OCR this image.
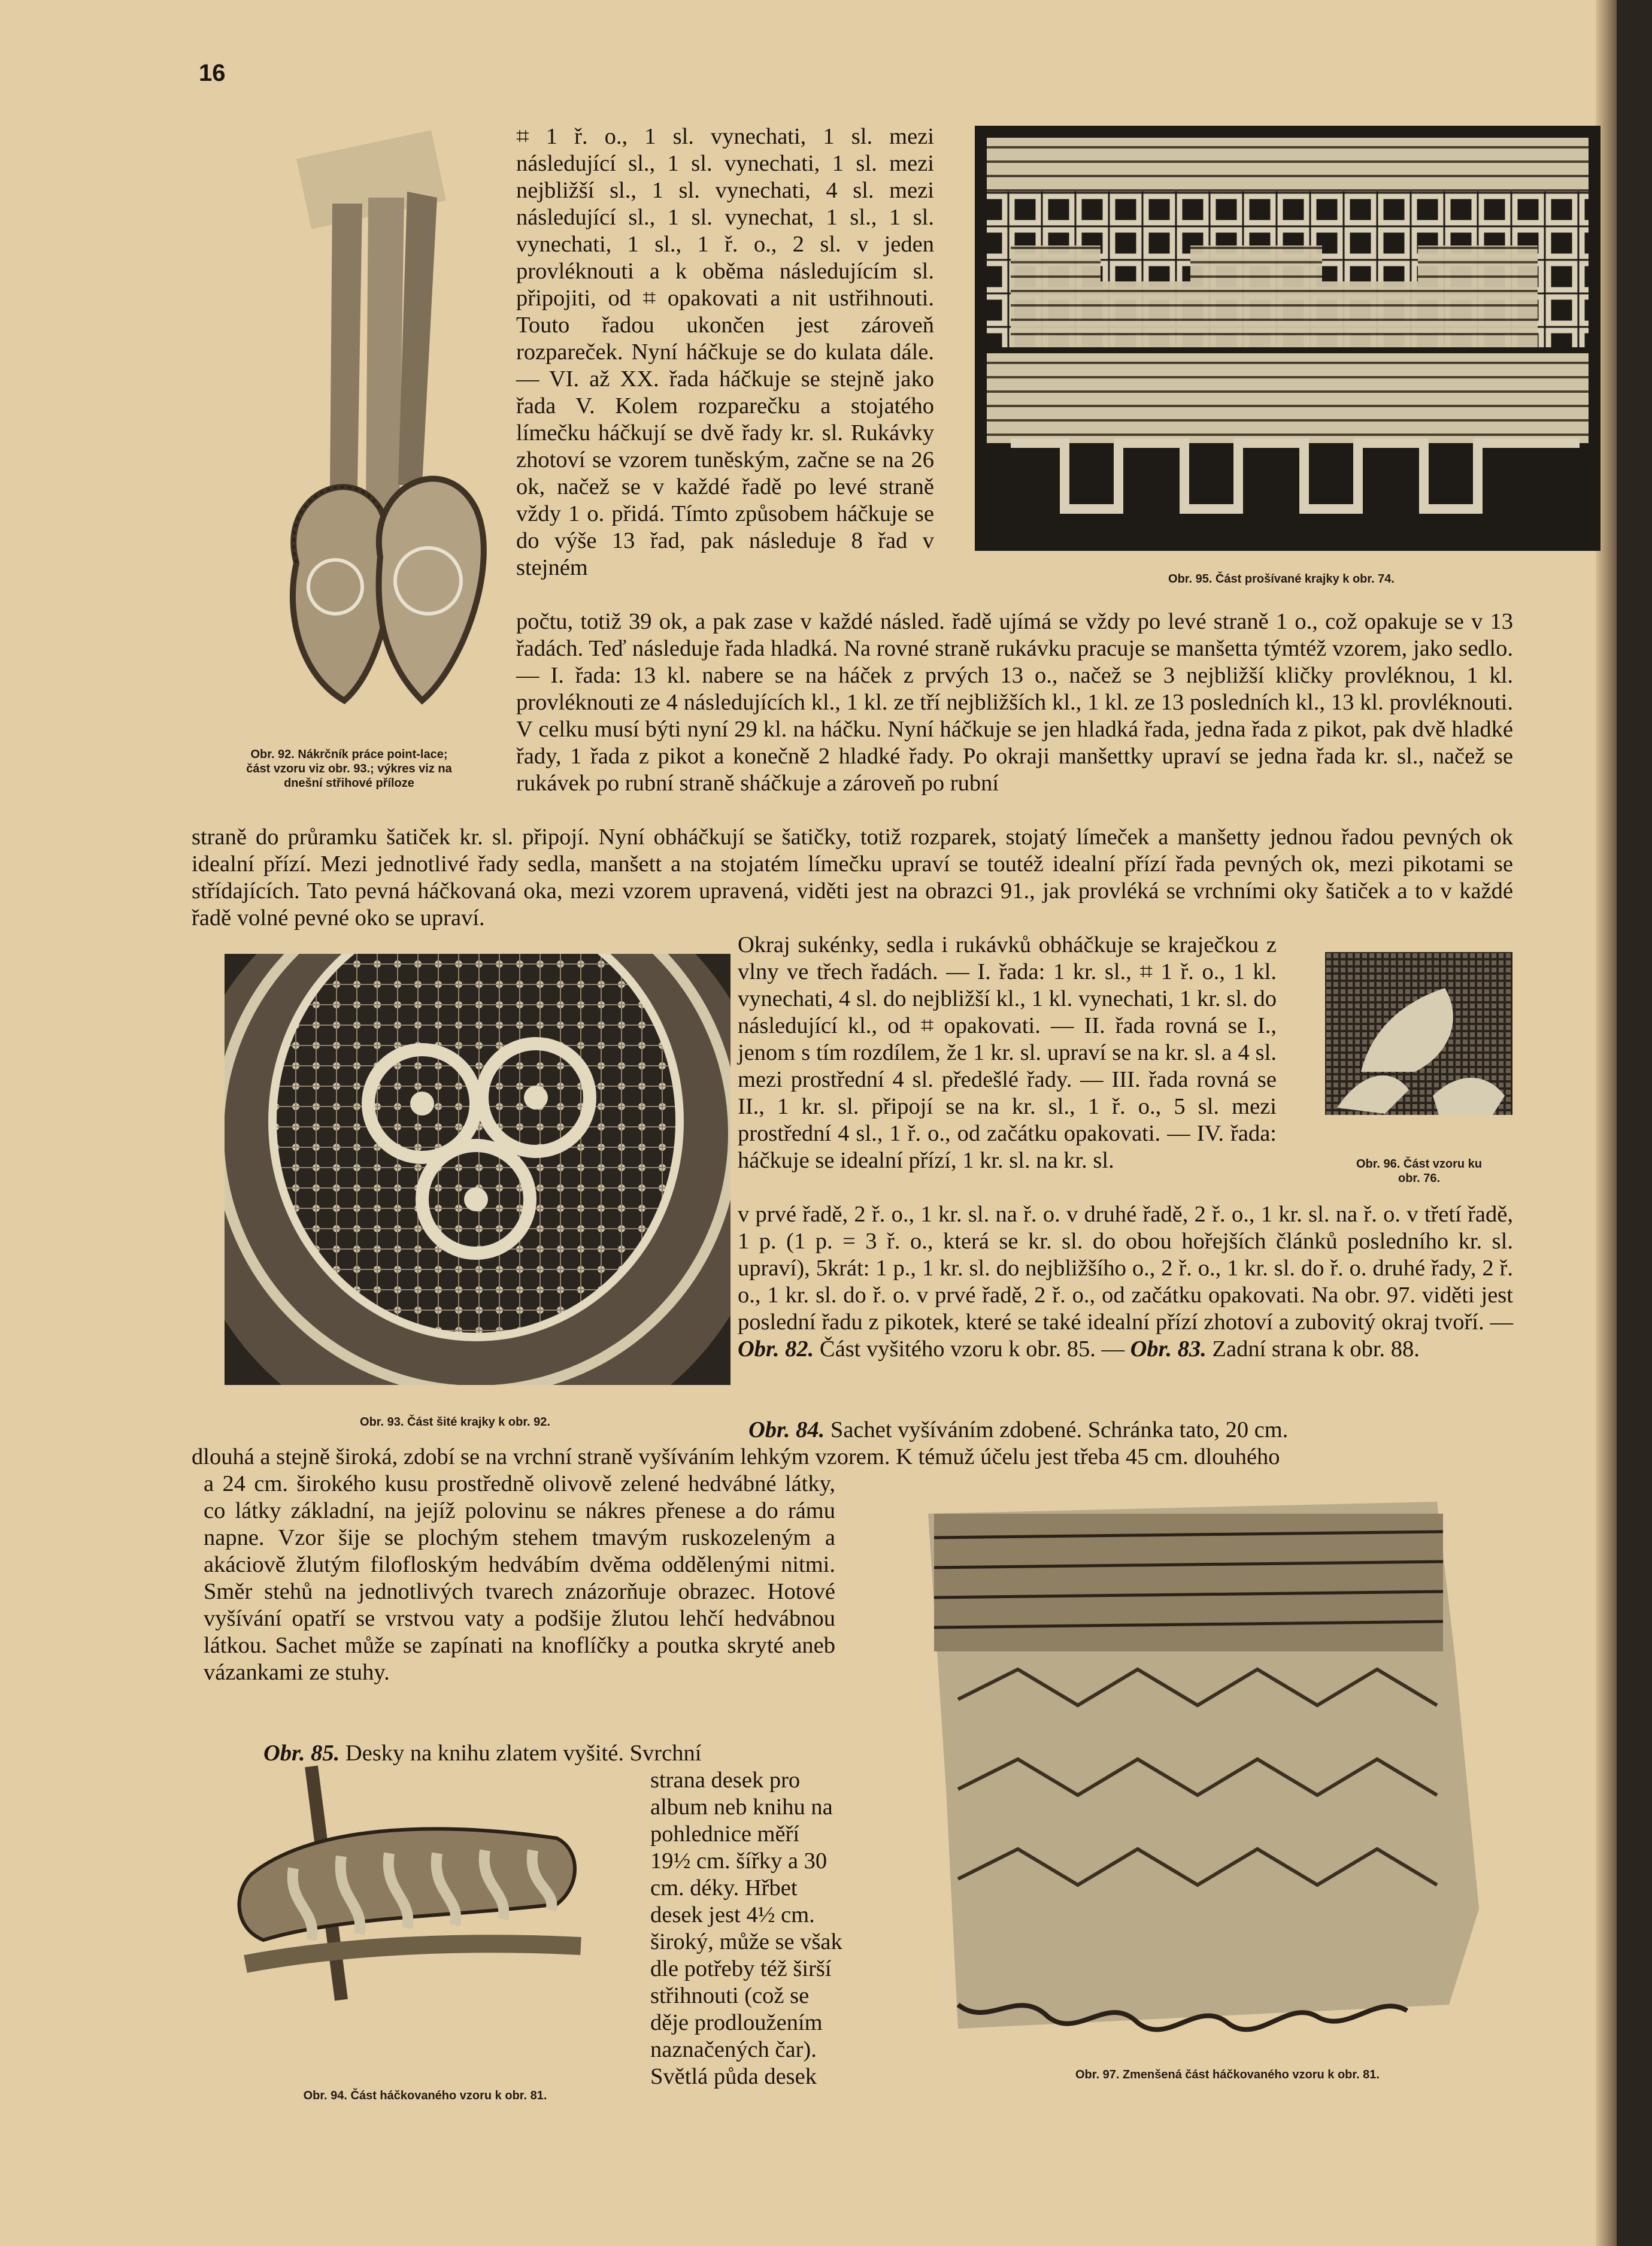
16
Obr. 92. Nákrčník práce point-lace;
část vzoru viz obr. 93.; výkres viz na
dnešní střihové příloze
Obr. 95. Část prošívané krajky k obr. 74.
Obr. 93. Část šité krajky k obr. 92.
Obr. 96. Část vzoru ku
obr. 76.
Obr. 97. Zmenšená část háčkovaného vzoru k obr. 81.
Obr. 94. Část háčkovaného vzoru k obr. 81.

⌗ 1 ř. o., 1 sl. vynechati, 1 sl. mezi následující sl., 1 sl. vynechati, 1 sl. mezi nejbližší sl., 1 sl. vynechati, 4 sl. mezi následující sl., 1 sl. vynechat, 1 sl., 1 sl. vynechati, 1 sl., 1 ř. o., 2 sl. v jeden provléknouti a k oběma následujícím sl. připojiti, od ⌗ opakovati a nit ustřihnouti. Touto řadou ukončen jest zároveň rozpareček. Nyní háčkuje se do kulata dále. — VI. až XX. řada háčkuje se stejně jako řada V. Kolem rozparečku a stojatého límečku háčkují se dvě řady kr. sl. Rukávky zhotoví se vzorem tuněským, začne se na 26 ok, načež se v každé řadě po levé straně vždy 1 o. přidá. Tímto způsobem háčkuje se do výše 13 řad, pak následuje 8 řad v stejném

počtu, totiž 39 ok, a pak zase v každé násled. řadě ujímá se vždy po levé straně 1 o., což opakuje se v 13 řadách. Teď následuje řada hladká. Na rovné straně rukávku pracuje se manšetta týmtéž vzorem, jako sedlo. — I. řada: 13 kl. nabere se na háček z prvých 13 o., načež se 3 nejbližší kličky provléknou, 1 kl. provléknouti ze 4 následujících kl., 1 kl. ze tří nejbližších kl., 1 kl. ze 13 posledních kl., 13 kl. provléknouti. V celku musí býti nyní 29 kl. na háčku. Nyní háčkuje se jen hladká řada, jedna řada z pikot, pak dvě hladké řady, 1 řada z pikot a konečně 2 hladké řady. Po okraji manšettky upraví se jedna řada kr. sl., načež se rukávek po rubní straně sháčkuje a zároveň po rubní

straně do průramku šatiček kr. sl. připojí. Nyní obháčkují se šatičky, totiž rozparek, stojatý límeček a manšetty jednou řadou pevných ok idealní přízí. Mezi jednotlivé řady sedla, manšett a na stojatém límečku upraví se toutéž idealní přízí řada pevných ok, mezi pikotami se střídajících. Tato pevná háčkovaná oka, mezi vzorem upravená, viděti jest na obrazci 91., jak provléká se vrchními oky šatiček a to v každé řadě volné pevné oko se upraví.

Okraj sukénky, sedla i rukávků obháčkuje se kraječkou z vlny ve třech řadách. — I. řada: 1 kr. sl., ⌗ 1 ř. o., 1 kl. vynechati, 4 sl. do nejbližší kl., 1 kl. vynechati, 1 kr. sl. do následující kl., od ⌗ opakovati. — II. řada rovná se I., jenom s tím rozdílem, že 1 kr. sl. upraví se na kr. sl. a 4 sl. mezi prostřední 4 sl. předešlé řady. — III. řada rovná se II., 1 kr. sl. připojí se na kr. sl., 1 ř. o., 5 sl. mezi prostřední 4 sl., 1 ř. o., od začátku opakovati. — IV. řada: háčkuje se idealní přízí, 1 kr. sl. na kr. sl.

v prvé řadě, 2 ř. o., 1 kr. sl. na ř. o. v druhé řadě, 2 ř. o., 1 kr. sl. na ř. o. v třetí řadě, 1 p. (1 p. = 3 ř. o., která se kr. sl. do obou hořejších článků posledního kr. sl. upraví), 5krát: 1 p., 1 kr. sl. do nejbližšího o., 2 ř. o., 1 kr. sl. do ř. o. druhé řady, 2 ř. o., 1 kr. sl. do ř. o. v prvé řadě, 2 ř. o., od začátku opakovati. Na obr. 97. viděti jest poslední řadu z pikotek, které se také idealní přízí zhotoví a zubovitý okraj tvoří. — Obr. 82. Část vyšitého vzoru k obr. 85. — Obr. 83. Zadní strana k obr. 88.

Obr. 84. Sachet vyšíváním zdobené. Schránka tato, 20 cm.

dlouhá a stejně široká, zdobí se na vrchní straně vyšíváním lehkým vzorem. K témuž účelu jest třeba 45 cm. dlouhého

a 24 cm. širokého kusu prostředně olivově zelené hedvábné látky, co látky základní, na jejíž polovinu se nákres přenese a do rámu napne. Vzor šije se plochým stehem tmavým ruskozeleným a akáciově žlutým filofloským hedvábím dvěma oddělenými nitmi. Směr stehů na jednotlivých tvarech znázorňuje obrazec. Hotové vyšívání opatří se vrstvou vaty a podšije žlutou lehčí hedvábnou látkou. Sachet může se zapínati na knoflíčky a poutka skryté aneb vázankami ze stuhy.

Obr. 85. Desky na knihu zlatem vyšité. Svrchní

strana desek pro album neb knihu na pohlednice měří 19½ cm. šířky a 30 cm. déky. Hřbet desek jest 4½ cm. široký, může se však dle potřeby též širší střihnouti (což se děje prodloužením naznačených čar). Světlá půda desek
